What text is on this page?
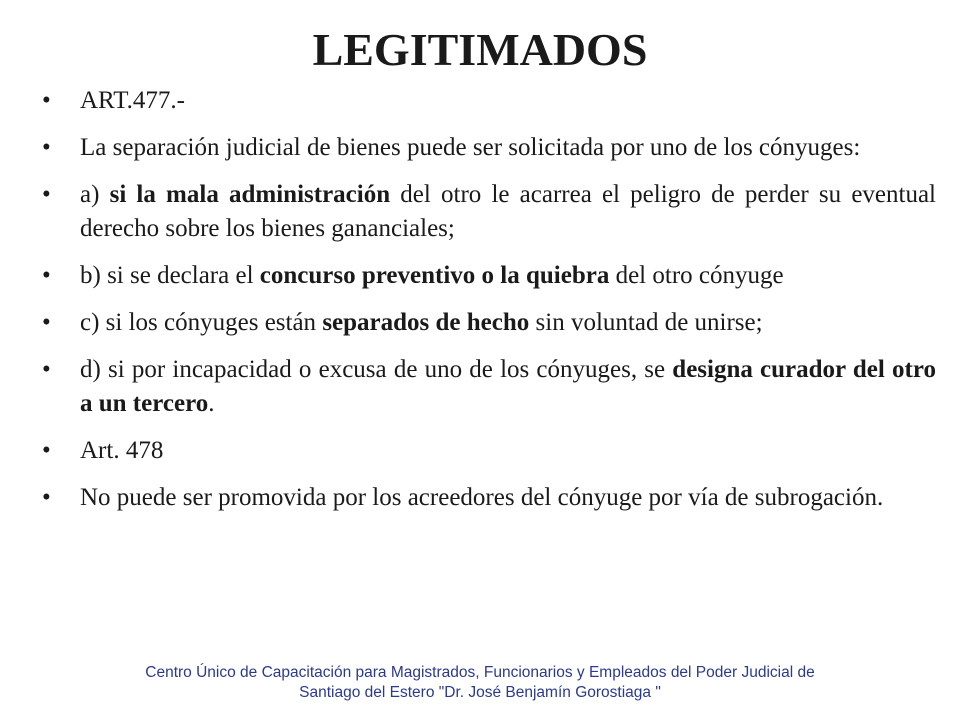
LEGITIMADOS
•	ART.477.-
•	La separación judicial de bienes puede ser solicitada por uno de los cónyuges:
•	a) si la mala administración del otro le acarrea el peligro de perder su eventual derecho sobre los bienes gananciales;
•	b) si se declara el concurso preventivo o la quiebra del otro cónyuge
•	c) si los cónyuges están separados de hecho sin voluntad de unirse;
•	d) si por incapacidad o excusa de uno de los cónyuges, se designa curador del otro a un tercero.
•	Art. 478
•	No puede ser promovida por los acreedores del cónyuge por vía de subrogación.
Centro Único de Capacitación para Magistrados, Funcionarios y Empleados del Poder Judicial de
Santiago del Estero "Dr. José Benjamín Gorostiaga "
